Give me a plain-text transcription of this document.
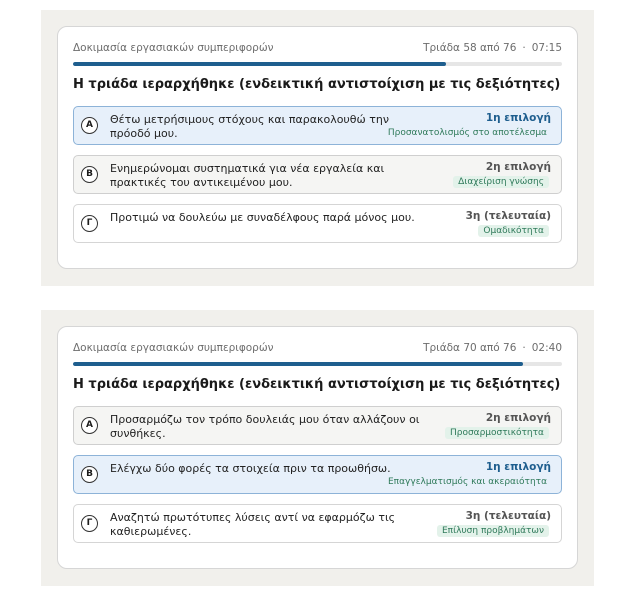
Δοκιμασία εργασιακών συμπεριφορών	Τριάδα 58 από 76 · 07:15
Η τριάδα ιεραρχήθηκε (ενδεικτική αντιστοίχιση με τις δεξιότητες)
Α	Θέτω μετρήσιμους στόχους και παρακολουθώ την πρόοδό μου.
1η επιλογή
Προσανατολισμός στο αποτέλεσμα
Β	Ενημερώνομαι συστηματικά για νέα εργαλεία και πρακτικές του αντικειμένου μου.
2η επιλογή
Διαχείριση γνώσης
Γ	Προτιμώ να δουλεύω με συναδέλφους παρά μόνος μου.	3η (τελευταία)
Ομαδικότητα
Δοκιμασία εργασιακών συμπεριφορών	Τριάδα 70 από 76 · 02:40
Η τριάδα ιεραρχήθηκε (ενδεικτική αντιστοίχιση με τις δεξιότητες)
Α	Προσαρμόζω τον τρόπο δουλειάς μου όταν αλλάζουν οι συνθήκες.
2η επιλογή
Προσαρμοστικότητα
Β	Ελέγχω δύο φορές τα στοιχεία πριν τα προωθήσω.	1η επιλογή
Επαγγελματισμός και ακεραιότητα
Γ	Αναζητώ πρωτότυπες λύσεις αντί να εφαρμόζω τις καθιερωμένες.
3η (τελευταία)
Επίλυση προβλημάτων
